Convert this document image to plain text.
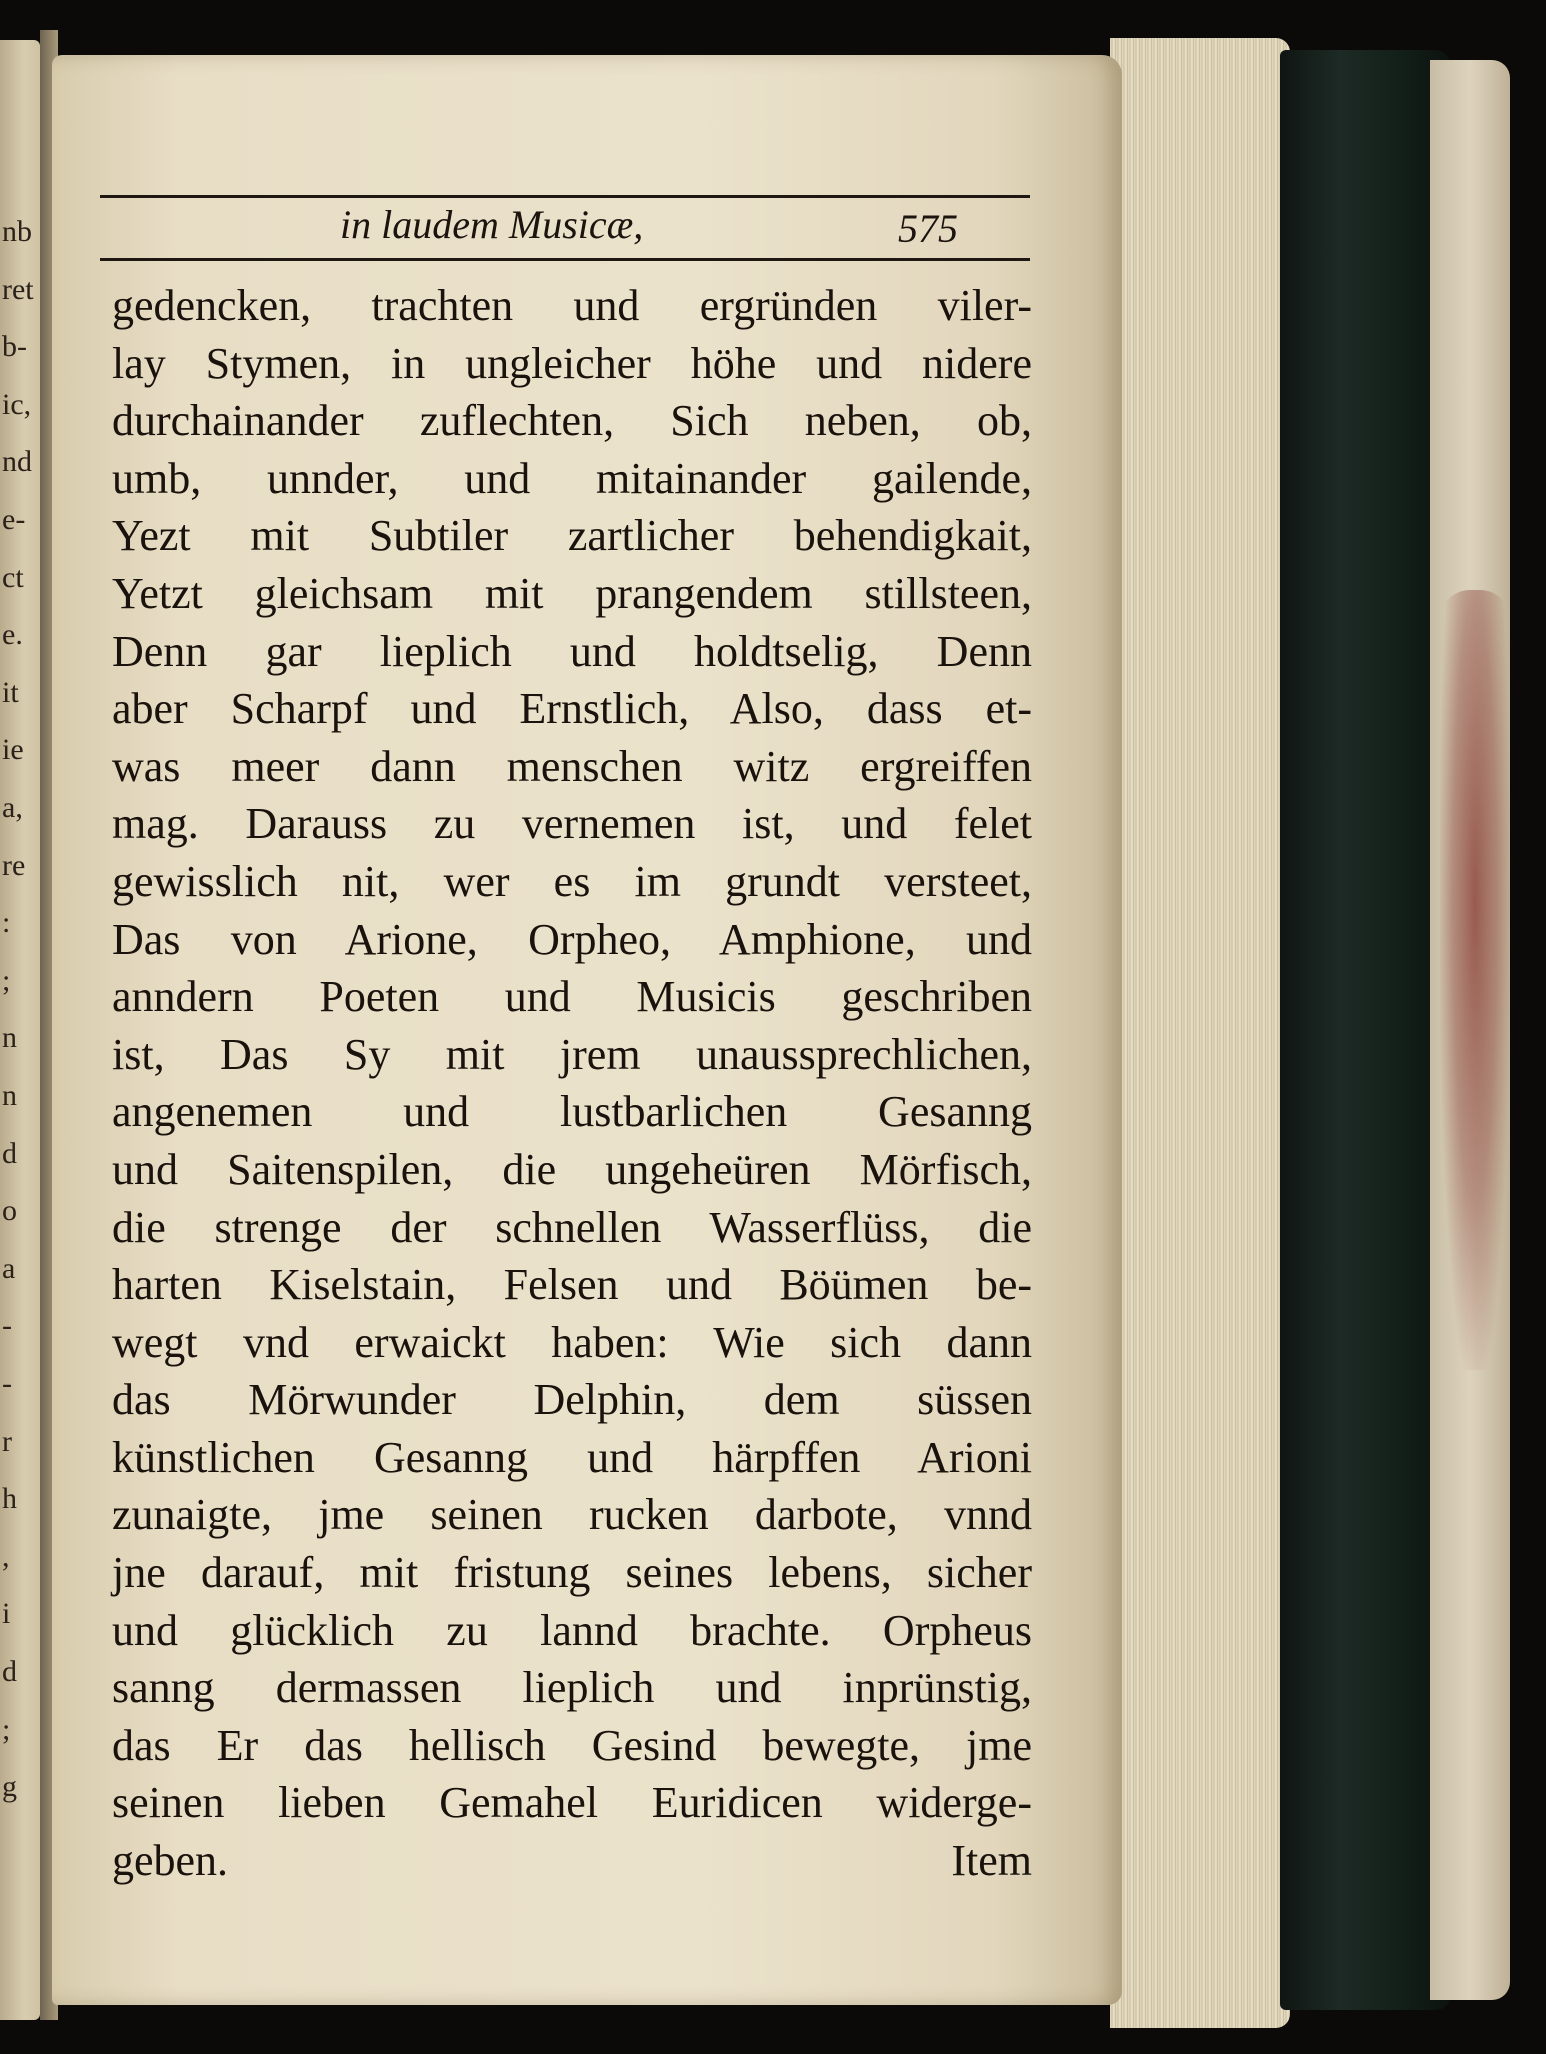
nb
ret
b-
ic,
nd
e-
ct
e.
it
ie
a,
re
:
;
n
n
d
o
a
-
-
r
h
,
i
d
;
g
in laudem Musicæ,	575
gedencken, trachten und ergründen viler-
lay Stymen, in ungleicher höhe und nidere
durchainander zuflechten, Sich neben, ob,
umb, unnder, und mitainander gailende,
Yezt mit Subtiler zartlicher behendigkait,
Yetzt gleichsam mit prangendem stillsteen,
Denn gar lieplich und holdtselig, Denn
aber Scharpf und Ernstlich, Also, dass et-
was meer dann menschen witz ergreiffen
mag. Darauss zu vernemen ist, und felet
gewisslich nit, wer es im grundt versteet,
Das von Arione, Orpheo, Amphione, und
anndern Poeten und Musicis geschriben
ist, Das Sy mit jrem unaussprechlichen,
angenemen und lustbarlichen Gesanng
und Saitenspilen, die ungeheüren Mörfisch,
die strenge der schnellen Wasserflüss, die
harten Kiselstain, Felsen und Böümen be-
wegt vnd erwaickt haben: Wie sich dann
das Mörwunder Delphin, dem süssen
künstlichen Gesanng und härpffen Arioni
zunaigte, jme seinen rucken darbote, vnnd
jne darauf, mit fristung seines lebens, sicher
und glücklich zu lannd brachte. Orpheus
sanng dermassen lieplich und inprünstig,
das Er das hellisch Gesind bewegte, jme
seinen lieben Gemahel Euridicen widerge-
geben. Item
